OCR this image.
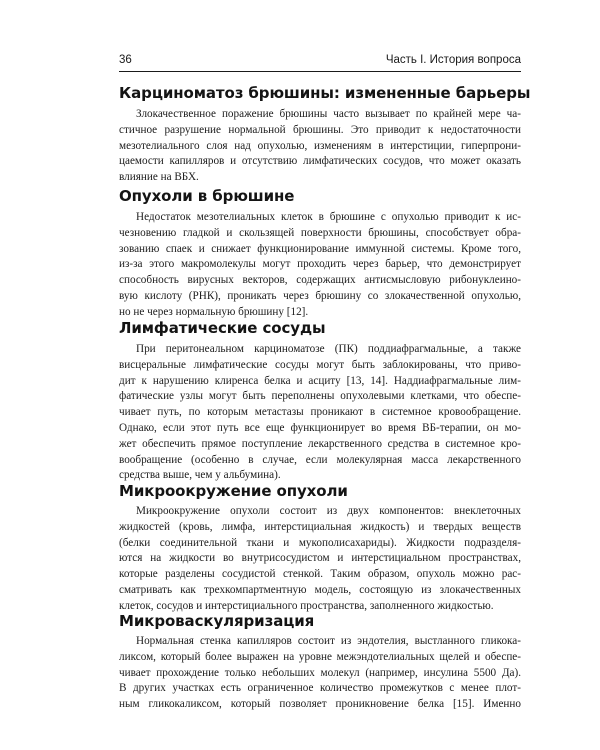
36	Часть I. История вопроса
Карциноматоз брюшины: измененные барьеры
Злокачественное поражение брюшины часто вызывает по крайней мере ча-
стичное разрушение нормальной брюшины. Это приводит к недостаточности
мезотелиального слоя над опухолью, изменениям в интерстиции, гиперпрони-
цаемости капилляров и отсутствию лимфатических сосудов, что может оказать
влияние на ВБХ.
Опухоли в брюшине
Недостаток мезотелиальных клеток в брюшине с опухолью приводит к ис-
чезновению гладкой и скользящей поверхности брюшины, способствует обра-
зованию спаек и снижает функционирование иммунной системы. Кроме того,
из-за этого макромолекулы могут проходить через барьер, что демонстрирует
способность вирусных векторов, содержащих антисмысловую рибонуклеино-
вую кислоту (РНК), проникать через брюшину со злокачественной опухолью,
но не через нормальную брюшину [12].
Лимфатические сосуды
При перитонеальном карциноматозе (ПК) поддиафрагмальные, а также
висцеральные лимфатические сосуды могут быть заблокированы, что приво-
дит к нарушению клиренса белка и асциту [13, 14]. Наддиафрагмальные лим-
фатические узлы могут быть переполнены опухолевыми клетками, что обеспе-
чивает путь, по которым метастазы проникают в системное кровообращение.
Однако, если этот путь все еще функционирует во время ВБ-терапии, он мо-
жет обеспечить прямое поступление лекарственного средства в системное кро-
вообращение (особенно в случае, если молекулярная масса лекарственного
средства выше, чем у альбумина).
Микроокружение опухоли
Микроокружение опухоли состоит из двух компонентов: внеклеточных
жидкостей (кровь, лимфа, интерстициальная жидкость) и твердых веществ
(белки соединительной ткани и мукополисахариды). Жидкости подразделя-
ются на жидкости во внутрисосудистом и интерстициальном пространствах,
которые разделены сосудистой стенкой. Таким образом, опухоль можно рас-
сматривать как трехкомпартментную модель, состоящую из злокачественных
клеток, сосудов и интерстициального пространства, заполненного жидкостью.
Микроваскуляризация
Нормальная стенка капилляров состоит из эндотелия, выстланного гликока-
ликсом, который более выражен на уровне межэндотелиальных щелей и обеспе-
чивает прохождение только небольших молекул (например, инсулина 5500 Да).
В других участках есть ограниченное количество промежутков с менее плот-
ным гликокаликсом, который позволяет проникновение белка [15]. Именно
